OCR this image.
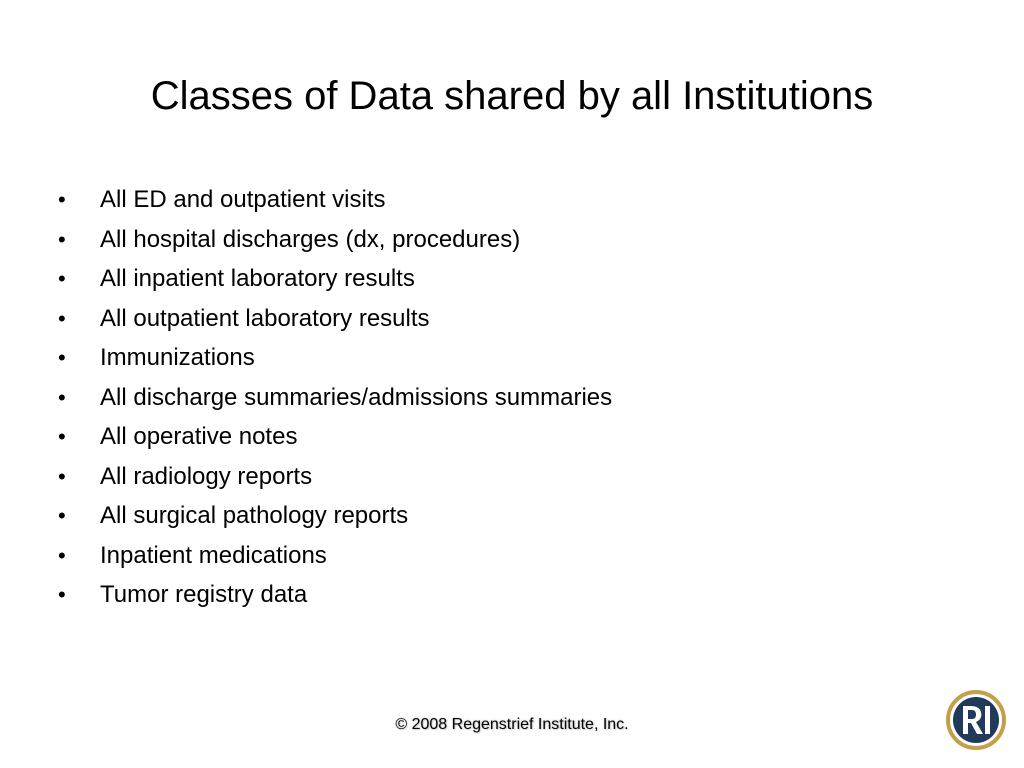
Classes of Data shared by all Institutions
•	All ED and outpatient visits
•	All hospital discharges (dx, procedures)
•	All inpatient laboratory results
•	All outpatient laboratory results
•	Immunizations
•	All discharge summaries/admissions summaries
•	All operative notes
•	All radiology reports
•	All surgical pathology reports
•	Inpatient medications
•	Tumor registry data
© 2008 Regenstrief Institute, Inc.
